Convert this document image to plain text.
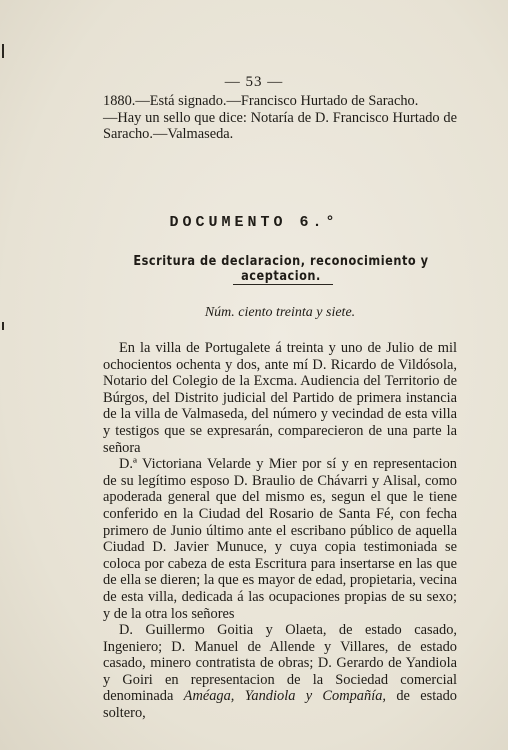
— 53 —

1880.—Está signado.—Francisco Hurtado de Saracho.

—Hay un sello que dice: Notaría de D. Francisco Hurtado de Saracho.—Valmaseda.

DOCUMENTO 6.°
Escritura de declaracion, reconocimiento y aceptacion.
Núm. ciento treinta y siete.

En la villa de Portugalete á treinta y uno de Julio de mil ochocientos ochenta y dos, ante mí D. Ricardo de Vildósola, Notario del Colegio de la Excma. Audiencia del Territorio de Búrgos, del Distrito judicial del Partido de primera instancia de la villa de Valmaseda, del número y vecindad de esta villa y testigos que se expresarán, comparecieron de una parte la señora

D.ª Victoriana Velarde y Mier por sí y en representacion de su legítimo esposo D. Braulio de Chávarri y Alisal, como apoderada general que del mismo es, segun el que le tiene conferido en la Ciudad del Rosario de Santa Fé, con fecha primero de Junio último ante el escribano público de aquella Ciudad D. Javier Munuce, y cuya copia testimoniada se coloca por cabeza de esta Escritura para insertarse en las que de ella se dieren; la que es mayor de edad, propietaria, vecina de esta villa, dedicada á las ocupaciones propias de su sexo; y de la otra los señores

D. Guillermo Goitia y Olaeta, de estado casado, Ingeniero; D. Manuel de Allende y Villares, de estado casado, minero contratista de obras; D. Gerardo de Yandiola y Goiri en representacion de la Sociedad comercial denominada Améaga, Yandiola y Compañía, de estado soltero,
